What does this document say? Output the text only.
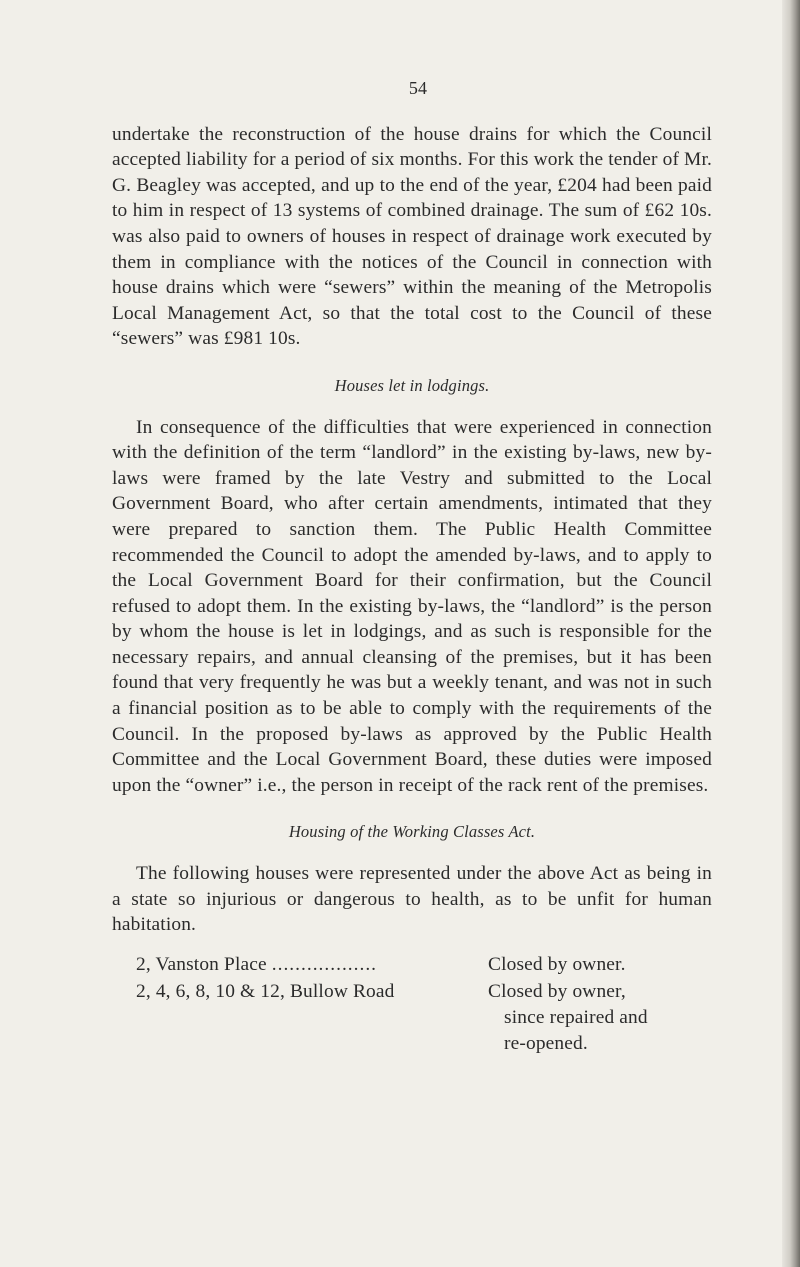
54

undertake the reconstruction of the house drains for which the Council accepted liability for a period of six months. For this work the tender of Mr. G. Beagley was accepted, and up to the end of the year, £204 had been paid to him in respect of 13 systems of combined drainage. The sum of £62 10s. was also paid to owners of houses in respect of drainage work executed by them in compliance with the notices of the Council in connection with house drains which were “sewers” within the meaning of the Metropolis Local Management Act, so that the total cost to the Council of these “sewers” was £981 10s.

Houses let in lodgings.

In consequence of the difficulties that were experienced in connection with the definition of the term “landlord” in the existing by-laws, new by-laws were framed by the late Vestry and submitted to the Local Government Board, who after certain amendments, intimated that they were prepared to sanction them. The Public Health Committee recommended the Council to adopt the amended by-laws, and to apply to the Local Government Board for their confirmation, but the Council refused to adopt them. In the existing by-laws, the “landlord” is the person by whom the house is let in lodgings, and as such is responsible for the necessary repairs, and annual cleansing of the premises, but it has been found that very frequently he was but a weekly tenant, and was not in such a financial position as to be able to comply with the requirements of the Council. In the proposed by-laws as approved by the Public Health Committee and the Local Government Board, these duties were imposed upon the “owner” i.e., the person in receipt of the rack rent of the premises.

Housing of the Working Classes Act.

The following houses were represented under the above Act as being in a state so injurious or dangerous to health, as to be unfit for human habitation.

2, Vanston Place ..................	Closed by owner.
2, 4, 6, 8, 10 & 12, Bullow Road	Closed by owner,
since repaired and
re-opened.
